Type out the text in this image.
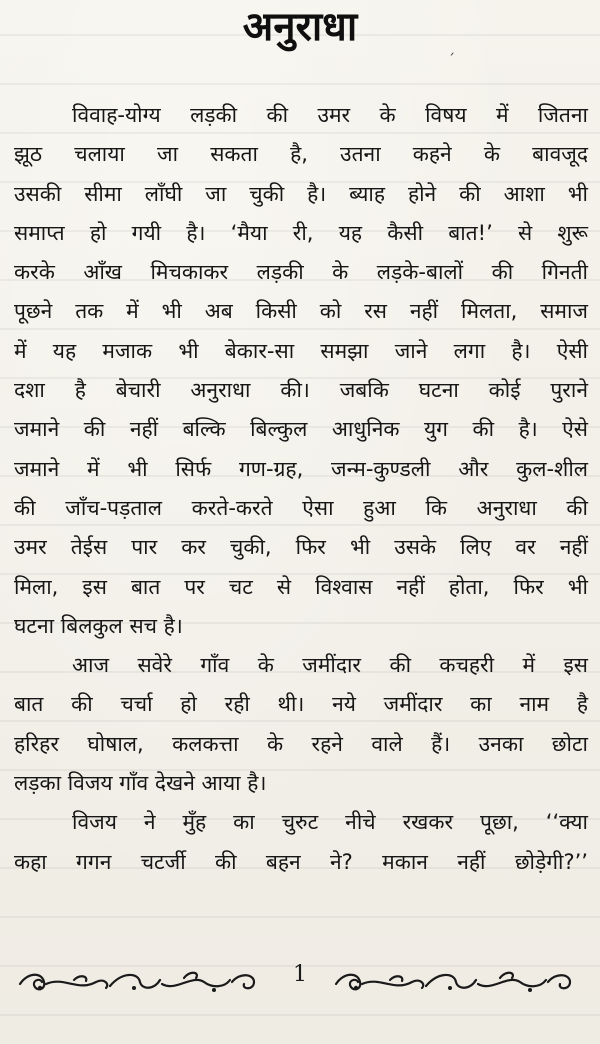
अनुराधा	ˏ

विवाह-योग्य लड़की की उमर के विषय में जितना
झूठ चलाया जा सकता है, उतना कहने के बावजूद
उसकी सीमा लाँघी जा चुकी है। ब्याह होने की आशा भी
समाप्त हो गयी है। ‘मैया री, यह कैसी बात!’ से शुरू
करके आँख मिचकाकर लड़की के लड़के-बालों की गिनती
पूछने तक में भी अब किसी को रस नहीं मिलता, समाज
में यह मजाक भी बेकार-सा समझा जाने लगा है। ऐसी
दशा है बेचारी अनुराधा की। जबकि घटना कोई पुराने
जमाने की नहीं बल्कि बिल्कुल आधुनिक युग की है। ऐसे
जमाने में भी सिर्फ गण-ग्रह, जन्म-कुण्डली और कुल-शील
की जाँच-पड़ताल करते-करते ऐसा हुआ कि अनुराधा की
उमर तेईस पार कर चुकी, फिर भी उसके लिए वर नहीं
मिला, इस बात पर चट से विश्वास नहीं होता, फिर भी
घटना बिलकुल सच है।

आज सवेरे गाँव के जमींदार की कचहरी में इस
बात की चर्चा हो रही थी। नये जमींदार का नाम है
हरिहर घोषाल, कलकत्ता के रहने वाले हैं। उनका छोटा
लड़का विजय गाँव देखने आया है।

विजय ने मुँह का चुरुट नीचे रखकर पूछा, ‘‘क्या
कहा गगन चटर्जी की बहन ने? मकान नहीं छोड़ेगी?’’

1
